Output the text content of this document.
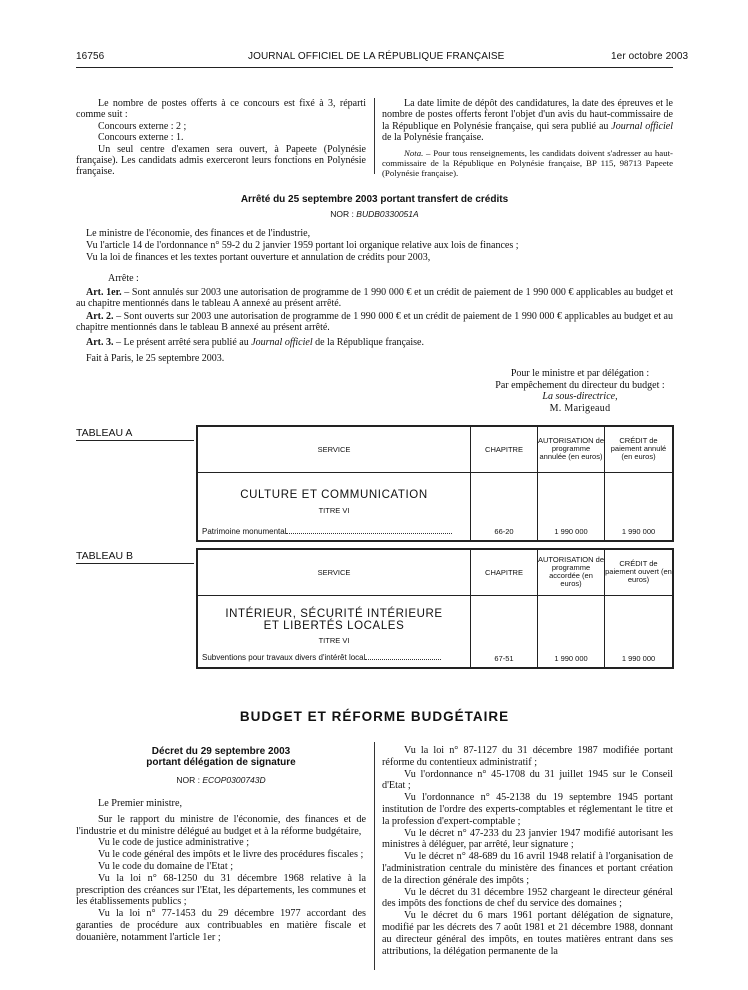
16756	JOURNAL OFFICIEL DE LA RÉPUBLIQUE FRANÇAISE	1er octobre 2003

Le nombre de postes offerts à ce concours est fixé à 3, réparti comme suit :

Concours externe : 2 ;

Concours externe : 1.

Un seul centre d'examen sera ouvert, à Papeete (Polynésie française). Les candidats admis exerceront leurs fonctions en Polynésie française.

La date limite de dépôt des candidatures, la date des épreuves et le nombre de postes offerts feront l'objet d'un avis du haut-commissaire de la République en Polynésie française, qui sera publié au Journal officiel de la Polynésie française.

Nota. – Pour tous renseignements, les candidats doivent s'adresser au haut-commissaire de la République en Polynésie française, BP 115, 98713 Papeete (Polynésie française).

Arrêté du 25 septembre 2003 portant transfert de crédits
NOR : BUDB0330051A
Le ministre de l'économie, des finances et de l'industrie,
Vu l'article 14 de l'ordonnance n° 59-2 du 2 janvier 1959 portant loi organique relative aux lois de finances ;
Vu la loi de finances et les textes portant ouverture et annulation de crédits pour 2003,
Arrête :
Art. 1er. – Sont annulés sur 2003 une autorisation de programme de 1 990 000 € et un crédit de paiement de 1 990 000 € applicables au budget et au chapitre mentionnés dans le tableau A annexé au présent arrêté.
Art. 2. – Sont ouverts sur 2003 une autorisation de programme de 1 990 000 € et un crédit de paiement de 1 990 000 € applicables au budget et au chapitre mentionnés dans le tableau B annexé au présent arrêté.
Art. 3. – Le présent arrêté sera publié au Journal officiel de la République française.
Fait à Paris, le 25 septembre 2003.
Pour le ministre et par délégation :
Par empêchement du directeur du budget :
La sous-directrice,
M. Marigeaud
TABLEAU A
SERVICE	CHAPITRE	AUTORISATION de programme annulée (en euros)	CRÉDIT de paiement annulé (en euros)

CULTURE ET COMMUNICATION
TITRE VI
Patrimoine monumental	66-20	1 990 000	1 990 000
TABLEAU B
SERVICE	CHAPITRE	AUTORISATION de programme accordée (en euros)	CRÉDIT de paiement ouvert (en euros)

INTÉRIEUR, SÉCURITÉ INTÉRIEURE
ET LIBERTÉS LOCALES
TITRE VI
Subventions pour travaux divers d'intérêt local	67-51	1 990 000	1 990 000
BUDGET ET RÉFORME BUDGÉTAIRE
Décret du 29 septembre 2003
portant délégation de signature
NOR : ECOP0300743D

Le Premier ministre,

Sur le rapport du ministre de l'économie, des finances et de l'industrie et du ministre délégué au budget et à la réforme budgétaire,

Vu le code de justice administrative ;

Vu le code général des impôts et le livre des procédures fiscales ;

Vu le code du domaine de l'Etat ;

Vu la loi n° 68-1250 du 31 décembre 1968 relative à la prescription des créances sur l'Etat, les départements, les communes et les établissements publics ;

Vu la loi n° 77-1453 du 29 décembre 1977 accordant des garanties de procédure aux contribuables en matière fiscale et douanière, notamment l'article 1er ;

Vu la loi n° 87-1127 du 31 décembre 1987 modifiée portant réforme du contentieux administratif ;

Vu l'ordonnance n° 45-1708 du 31 juillet 1945 sur le Conseil d'Etat ;

Vu l'ordonnance n° 45-2138 du 19 septembre 1945 portant institution de l'ordre des experts-comptables et réglementant le titre et la profession d'expert-comptable ;

Vu le décret n° 47-233 du 23 janvier 1947 modifié autorisant les ministres à déléguer, par arrêté, leur signature ;

Vu le décret n° 48-689 du 16 avril 1948 relatif à l'organisation de l'administration centrale du ministère des finances et portant création de la direction générale des impôts ;

Vu le décret du 31 décembre 1952 chargeant le directeur général des impôts des fonctions de chef du service des domaines ;

Vu le décret du 6 mars 1961 portant délégation de signature, modifié par les décrets des 7 août 1981 et 21 décembre 1988, donnant au directeur général des impôts, en toutes matières entrant dans ses attributions, la délégation permanente de la
